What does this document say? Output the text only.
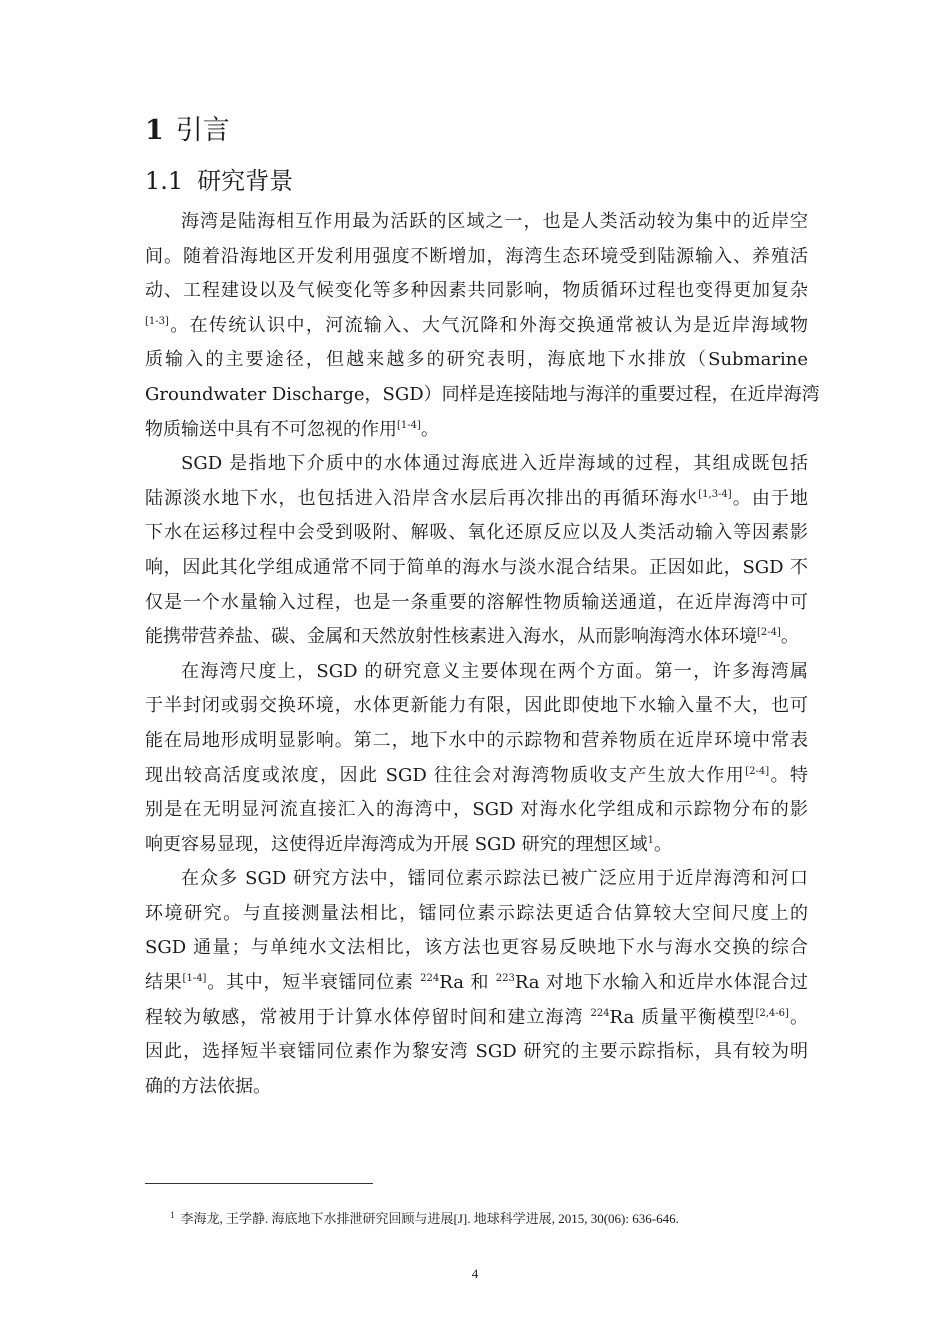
1 引言
1.1 研究背景
海湾是陆海相互作用最为活跃的区域之一，也是人类活动较为集中的近岸空
间。随着沿海地区开发利用强度不断增加，海湾生态环境受到陆源输入、养殖活
动、工程建设以及气候变化等多种因素共同影响，物质循环过程也变得更加复杂
[1-3]。在传统认识中，河流输入、大气沉降和外海交换通常被认为是近岸海域物
质输入的主要途径，但越来越多的研究表明，海底地下水排放（Submarine
Groundwater Discharge，SGD）同样是连接陆地与海洋的重要过程，在近岸海湾
物质输送中具有不可忽视的作用[1-4]。
SGD 是指地下介质中的水体通过海底进入近岸海域的过程，其组成既包括
陆源淡水地下水，也包括进入沿岸含水层后再次排出的再循环海水[1,3-4]。由于地
下水在运移过程中会受到吸附、解吸、氧化还原反应以及人类活动输入等因素影
响，因此其化学组成通常不同于简单的海水与淡水混合结果。正因如此，SGD 不
仅是一个水量输入过程，也是一条重要的溶解性物质输送通道，在近岸海湾中可
能携带营养盐、碳、金属和天然放射性核素进入海水，从而影响海湾水体环境[2-4]。
在海湾尺度上，SGD 的研究意义主要体现在两个方面。第一，许多海湾属
于半封闭或弱交换环境，水体更新能力有限，因此即使地下水输入量不大，也可
能在局地形成明显影响。第二，地下水中的示踪物和营养物质在近岸环境中常表
现出较高活度或浓度，因此 SGD 往往会对海湾物质收支产生放大作用[2-4]。特
别是在无明显河流直接汇入的海湾中，SGD 对海水化学组成和示踪物分布的影
响更容易显现，这使得近岸海湾成为开展 SGD 研究的理想区域$^1$。
在众多 SGD 研究方法中，镭同位素示踪法已被广泛应用于近岸海湾和河口
环境研究。与直接测量法相比，镭同位素示踪法更适合估算较大空间尺度上的
SGD 通量；与单纯水文法相比，该方法也更容易反映地下水与海水交换的综合
结果[1-4]。其中，短半衰镭同位素 $^{224}$Ra 和 $^{223}$Ra 对地下水输入和近岸水体混合过
程较为敏感，常被用于计算水体停留时间和建立海湾 $^{224}$Ra 质量平衡模型[2,4-6]。
因此，选择短半衰镭同位素作为黎安湾 SGD 研究的主要示踪指标，具有较为明
确的方法依据。
$^1$ 李海龙, 王学静. 海底地下水排泄研究回顾与进展[J]. 地球科学进展, 2015, 30(06): 636-646.
4
